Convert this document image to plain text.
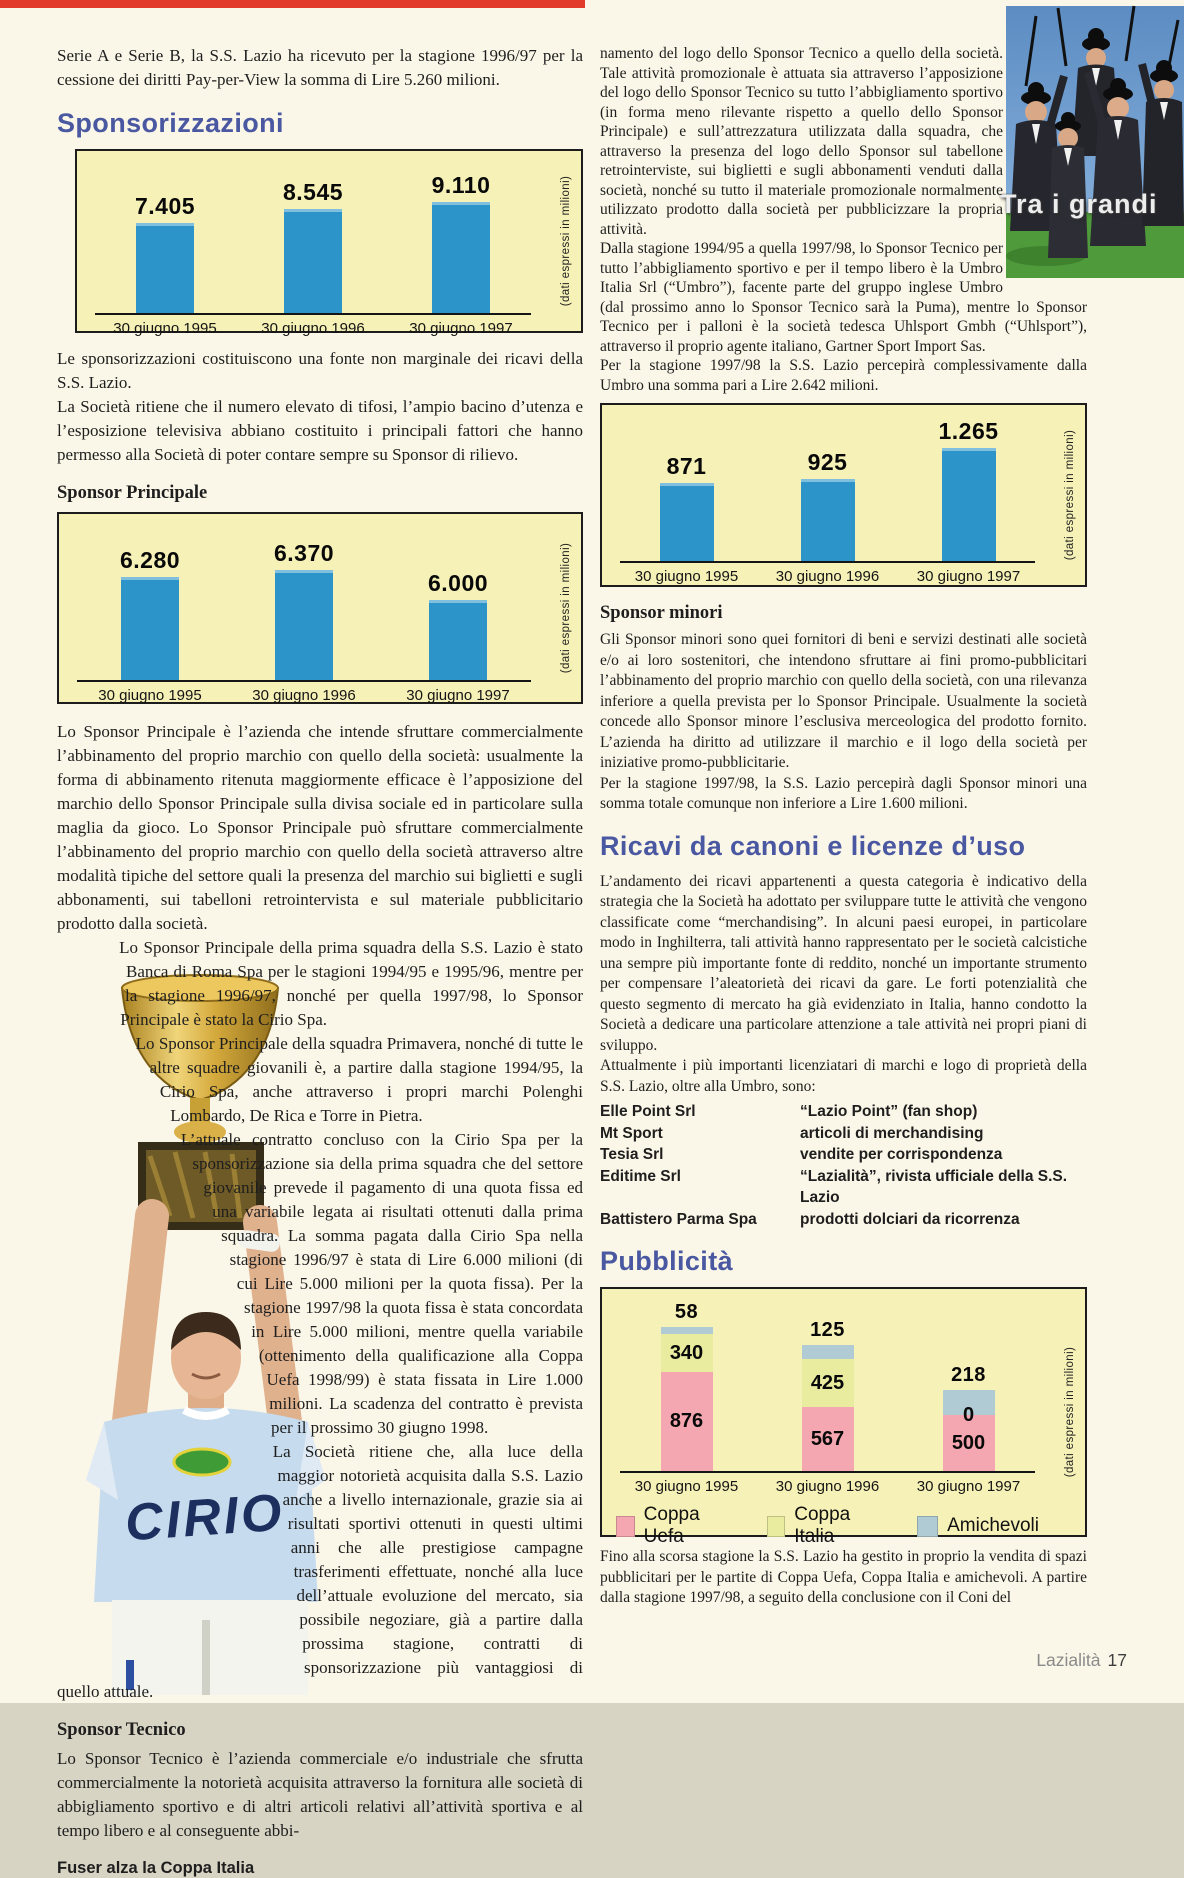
Tra i grandi
Serie A e Serie B, la S.S. Lazio ha ricevuto per la stagione 1996/97 per la cessione dei diritti Pay-per-View la somma di Lire 5.260 milioni.
Sponsorizzazioni
(dati espressi in milioni)
7.405
8.545	9.110
30 giugno 1995	30 giugno 1996	30 giugno 1997
Le sponsorizzazioni costituiscono una fonte non marginale dei ricavi della S.S. Lazio.
La Società ritiene che il numero elevato di tifosi, l’ampio bacino d’utenza e l’esposizione televisiva abbiano costituito i principali fattori che hanno permesso alla Società di poter contare sempre su Sponsor di rilievo.
Sponsor Principale
(dati espressi in milioni)
6.280	6.370
6.000
30 giugno 1995	30 giugno 1996	30 giugno 1997
Lo Sponsor Principale è l’azienda che intende sfruttare commercialmente l’abbinamento del proprio marchio con quello della società: usualmente la forma di abbinamento ritenuta maggiormente efficace è l’apposizione del marchio dello Sponsor Principale sulla divisa sociale ed in particolare sulla maglia da gioco. Lo Sponsor Principale può sfruttare commercialmente l’abbinamento del proprio marchio con quello della società attraverso altre modalità tipiche del settore quali la presenza del marchio sui biglietti e sugli abbonamenti, sui tabelloni retrointervista e sul materiale pubblicitario prodotto dalla società.
CIRIO
Lo Sponsor Principale della prima squadra della S.S. Lazio è stato Banca di Roma Spa per le stagioni 1994/95 e 1995/96, mentre per la stagione 1996/97, nonché per quella 1997/98, lo Sponsor Principale è stato la Cirio Spa.
Lo Sponsor Principale della squadra Primavera, nonché di tutte le altre squadre giovanili è, a partire dalla stagione 1994/95, la Cirio Spa, anche attraverso i propri marchi Polenghi Lombardo, De Rica e Torre in Pietra.
L’attuale contratto concluso con la Cirio Spa per la sponsorizzazione sia della prima squadra che del settore giovanile prevede il pagamento di una quota fissa ed una variabile legata ai risultati ottenuti dalla prima squadra. La somma pagata dalla Cirio Spa nella stagione 1996/97 è stata di Lire 6.000 milioni (di cui Lire 5.000 milioni per la quota fissa). Per la stagione 1997/98 la quota fissa è stata concordata in Lire 5.000 milioni, mentre quella variabile (ottenimento della qualificazione alla Coppa Uefa 1998/99) è stata fissata in Lire 1.000 milioni. La scadenza del contratto è prevista per il prossimo 30 giugno 1998.
La Società ritiene che, alla luce della maggior notorietà acquisita dalla S.S. Lazio anche a livello internazionale, grazie sia ai risultati sportivi ottenuti in questi ultimi anni che alle prestigiose campagne trasferimenti effettuate, nonché alla luce dell’attuale evoluzione del mercato, sia possibile negoziare, già a partire dalla prossima stagione, contratti di sponsorizzazione più vantaggiosi di quello attuale.
Sponsor Tecnico
Lo Sponsor Tecnico è l’azienda commerciale e/o industriale che sfrutta commercialmente la notorietà acquisita attraverso la fornitura alle società di abbigliamento sportivo e di altri articoli relativi all’attività sportiva e al tempo libero e al conseguente abbi-
Fuser alza la Coppa Italia
namento del logo dello Sponsor Tecnico a quello della società. Tale attività promozionale è attuata sia attraverso l’apposizione del logo dello Sponsor Tecnico su tutto l’abbigliamento sportivo (in forma meno rilevante rispetto a quello dello Sponsor Principale) e sull’attrezzatura utilizzata dalla squadra, che attraverso la presenza del logo dello Sponsor sul tabellone retrointerviste, sui biglietti e sugli abbonamenti venduti dalla società, nonché su tutto il materiale promozionale normalmente utilizzato prodotto dalla società per pubblicizzare la propria attività.
Dalla stagione 1994/95 a quella 1997/98, lo Sponsor Tecnico per tutto l’abbigliamento sportivo e per il tempo libero è la Umbro Italia Srl (“Umbro”), facente parte del gruppo inglese Umbro (dal prossimo anno lo Sponsor Tecnico sarà la Puma), mentre lo Sponsor Tecnico per i palloni è la società tedesca Uhlsport Gmbh (“Uhlsport”), attraverso il proprio agente italiano, Gartner Sport Import Sas.
Per la stagione 1997/98 la S.S. Lazio percepirà complessivamente dalla Umbro una somma pari a Lire 2.642 milioni.
(dati espressi in milioni)
871	925
1.265
30 giugno 1995	30 giugno 1996	30 giugno 1997
Sponsor minori
Gli Sponsor minori sono quei fornitori di beni e servizi destinati alle società e/o ai loro sostenitori, che intendono sfruttare ai fini promo-pubblicitari l’abbinamento del proprio marchio con quello della società, con una rilevanza inferiore a quella prevista per lo Sponsor Principale. Usualmente la società concede allo Sponsor minore l’esclusiva merceologica del prodotto fornito. L’azienda ha diritto ad utilizzare il marchio e il logo della società per iniziative promo-pubblicitarie.
Per la stagione 1997/98, la S.S. Lazio percepirà dagli Sponsor minori una somma totale comunque non inferiore a Lire 1.600 milioni.
Ricavi da canoni e licenze d’uso
L’andamento dei ricavi appartenenti a questa categoria è indicativo della strategia che la Società ha adottato per sviluppare tutte le attività che vengono classificate come “merchandising”. In alcuni paesi europei, in particolare modo in Inghilterra, tali attività hanno rappresentato per le società calcistiche una sempre più importante fonte di reddito, nonché un importante strumento per compensare l’aleatorietà dei ricavi da gare. Le forti potenzialità che questo segmento di mercato ha già evidenziato in Italia, hanno condotto la Società a dedicare una particolare attenzione a tale attività nei propri piani di sviluppo.
Attualmente i più importanti licenziatari di marchi e logo di proprietà della S.S. Lazio, oltre alla Umbro, sono:
Elle Point Srl	“Lazio Point” (fan shop)
Mt Sport	articoli di merchandising
Tesia Srl	vendite per corrispondenza
Editime Srl	“Lazialità”, rivista ufficiale della S.S. Lazio
Battistero Parma Spa	prodotti dolciari da ricorrenza
Pubblicità
(dati espressi in milioni)
58
340
876
125
425
567
218
0
500
30 giugno 1995	30 giugno 1996	30 giugno 1997
Coppa Uefa
Coppa Italia
Amichevoli
Fino alla scorsa stagione la S.S. Lazio ha gestito in proprio la vendita di spazi pubblicitari per le partite di Coppa Uefa, Coppa Italia e amichevoli. A partire dalla stagione 1997/98, a seguito della conclusione con il Coni del
Lazialità 17
